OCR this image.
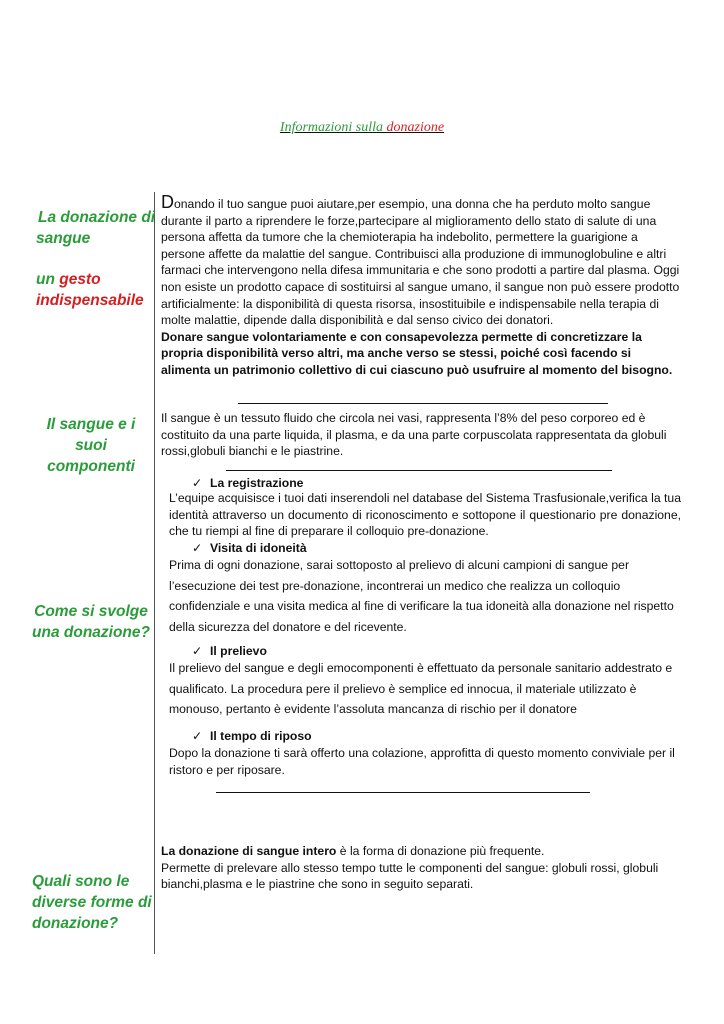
Informazioni sulla donazione
La donazione di
sangue
un gesto
indispensabile
Il sangue e i
suoi
componenti
Come si svolge
una donazione?
Quali sono le
diverse forme di
donazione?
Donando il tuo sangue puoi aiutare,per esempio, una donna che ha perduto molto sangue durante il parto a riprendere le forze,partecipare al miglioramento dello stato di salute di una persona affetta da tumore che la chemioterapia ha indebolito, permettere la guarigione a persone affette da malattie del sangue. Contribuisci alla produzione di immunoglobuline e altri farmaci che intervengono nella difesa immunitaria e che sono prodotti a partire dal plasma. Oggi non esiste un prodotto capace di sostituirsi al sangue umano, il sangue non può essere prodotto artificialmente: la disponibilità di questa risorsa, insostituibile e indispensabile nella terapia di molte malattie, dipende dalla disponibilità e dal senso civico dei donatori.
Donare sangue volontariamente e con consapevolezza permette di concretizzare la propria disponibilità verso altri, ma anche verso se stessi, poiché così facendo si alimenta un patrimonio collettivo di cui ciascuno può usufruire al momento del bisogno.
Il sangue è un tessuto fluido che circola nei vasi, rappresenta l’8% del peso corporeo ed è costituito da una parte liquida, il plasma, e da una parte corpuscolata rappresentata da globuli rossi,globuli bianchi e le piastrine.
✓ La registrazione
L’equipe acquisisce i tuoi dati inserendoli nel database del Sistema Trasfusionale,verifica la tua identità attraverso un documento di riconoscimento e sottopone il questionario pre donazione, che tu riempi al fine di preparare il colloquio pre-donazione.
✓ Visita di idoneità
Prima di ogni donazione, sarai sottoposto al prelievo di alcuni campioni di sangue per l’esecuzione dei test pre-donazione, incontrerai un medico che realizza un colloquio confidenziale e una visita medica al fine di verificare la tua idoneità alla donazione nel rispetto della sicurezza del donatore e del ricevente.
✓ Il prelievo
Il prelievo del sangue e degli emocomponenti è effettuato da personale sanitario addestrato e qualificato. La procedura pere il prelievo è semplice ed innocua, il materiale utilizzato è monouso, pertanto è evidente l’assoluta mancanza di rischio per il donatore
✓ Il tempo di riposo
Dopo la donazione ti sarà offerto una colazione, approfitta di questo momento conviviale per il ristoro e per riposare.
La donazione di sangue intero è la forma di donazione più frequente.
Permette di prelevare allo stesso tempo tutte le componenti del sangue: globuli rossi, globuli bianchi,plasma e le piastrine che sono in seguito separati.
